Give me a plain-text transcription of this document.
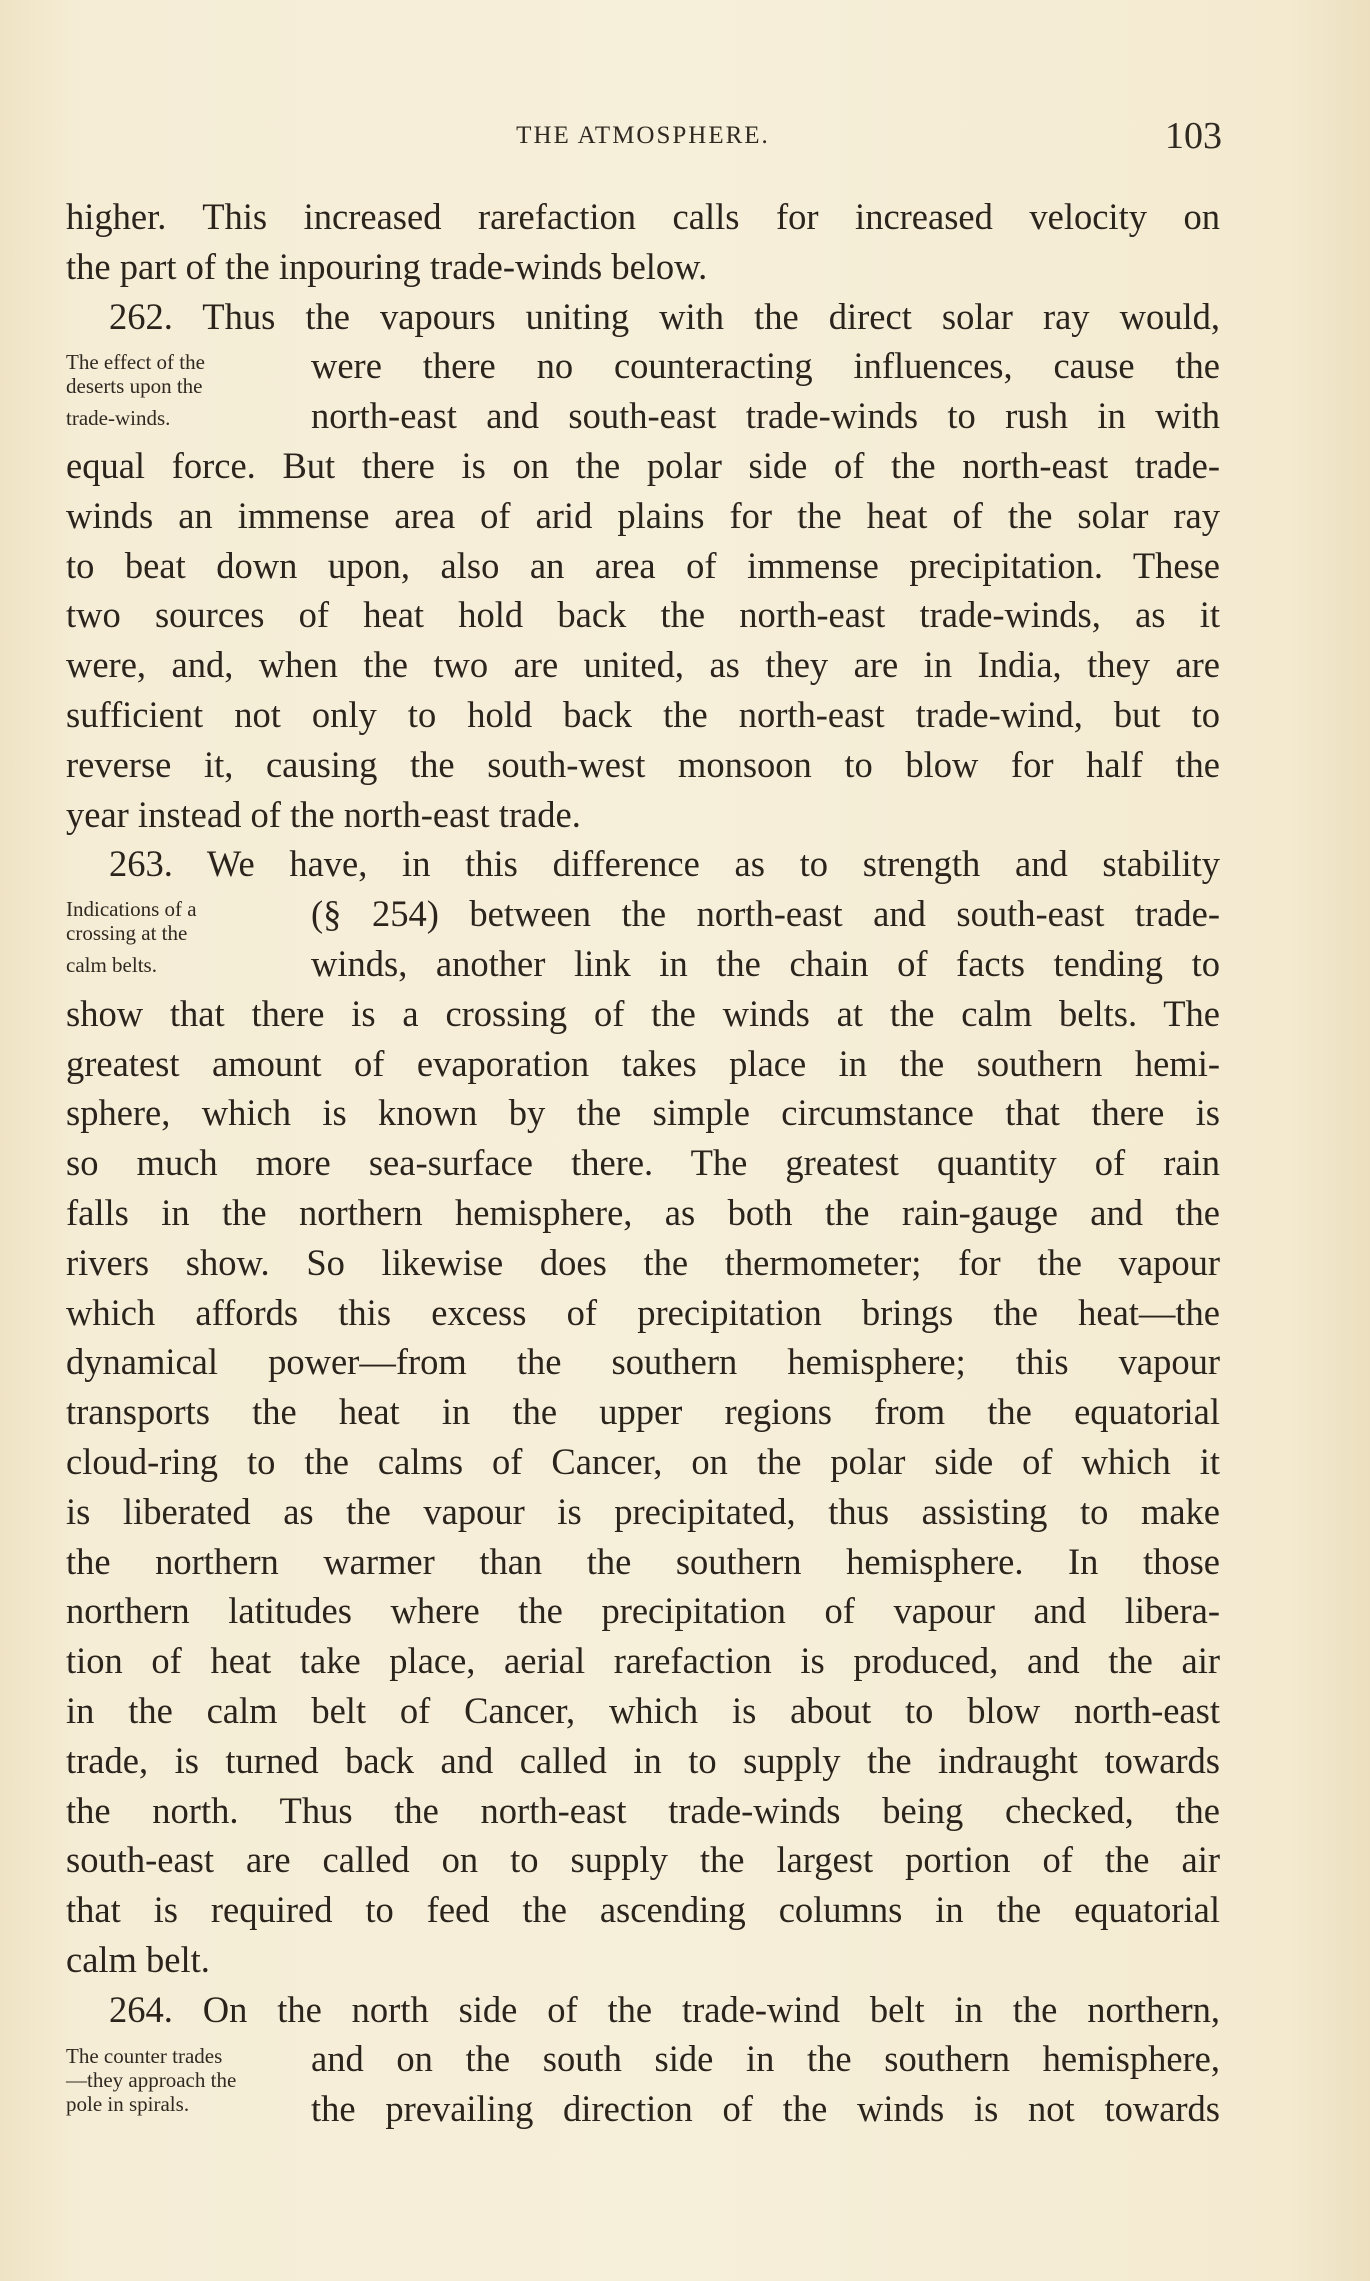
THE ATMOSPHERE.	103
The effect of the
deserts upon the
trade-winds.
Indications of a
crossing at the
calm belts.
The counter trades
—they approach the
pole in spirals.
higher. This increased rarefaction calls for increased velocity on
the part of the inpouring trade-winds below.
262. Thus the vapours uniting with the direct solar ray would,
were there no counteracting influences, cause the
north-east and south-east trade-winds to rush in with
equal force. But there is on the polar side of the north-east trade-
winds an immense area of arid plains for the heat of the solar ray
to beat down upon, also an area of immense precipitation. These
two sources of heat hold back the north-east trade-winds, as it
were, and, when the two are united, as they are in India, they are
sufficient not only to hold back the north-east trade-wind, but to
reverse it, causing the south-west monsoon to blow for half the
year instead of the north-east trade.
263. We have, in this difference as to strength and stability
(§ 254) between the north-east and south-east trade-
winds, another link in the chain of facts tending to
show that there is a crossing of the winds at the calm belts. The
greatest amount of evaporation takes place in the southern hemi-
sphere, which is known by the simple circumstance that there is
so much more sea-surface there. The greatest quantity of rain
falls in the northern hemisphere, as both the rain-gauge and the
rivers show. So likewise does the thermometer; for the vapour
which affords this excess of precipitation brings the heat—the
dynamical power—from the southern hemisphere; this vapour
transports the heat in the upper regions from the equatorial
cloud-ring to the calms of Cancer, on the polar side of which it
is liberated as the vapour is precipitated, thus assisting to make
the northern warmer than the southern hemisphere. In those
northern latitudes where the precipitation of vapour and libera-
tion of heat take place, aerial rarefaction is produced, and the air
in the calm belt of Cancer, which is about to blow north-east
trade, is turned back and called in to supply the indraught towards
the north. Thus the north-east trade-winds being checked, the
south-east are called on to supply the largest portion of the air
that is required to feed the ascending columns in the equatorial
calm belt.
264. On the north side of the trade-wind belt in the northern,
and on the south side in the southern hemisphere,
the prevailing direction of the winds is not towards
